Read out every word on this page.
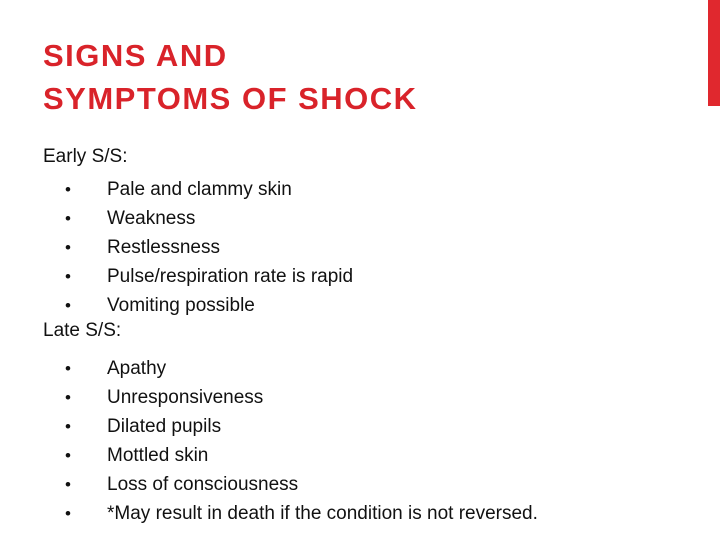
SIGNS AND
SYMPTOMS OF SHOCK
Early S/S:
• Pale and clammy skin
• Weakness
• Restlessness
• Pulse/respiration rate is rapid
• Vomiting possible
Late S/S:
• Apathy
• Unresponsiveness
• Dilated pupils
• Mottled skin
• Loss of consciousness
• *May result in death if the condition is not reversed.
